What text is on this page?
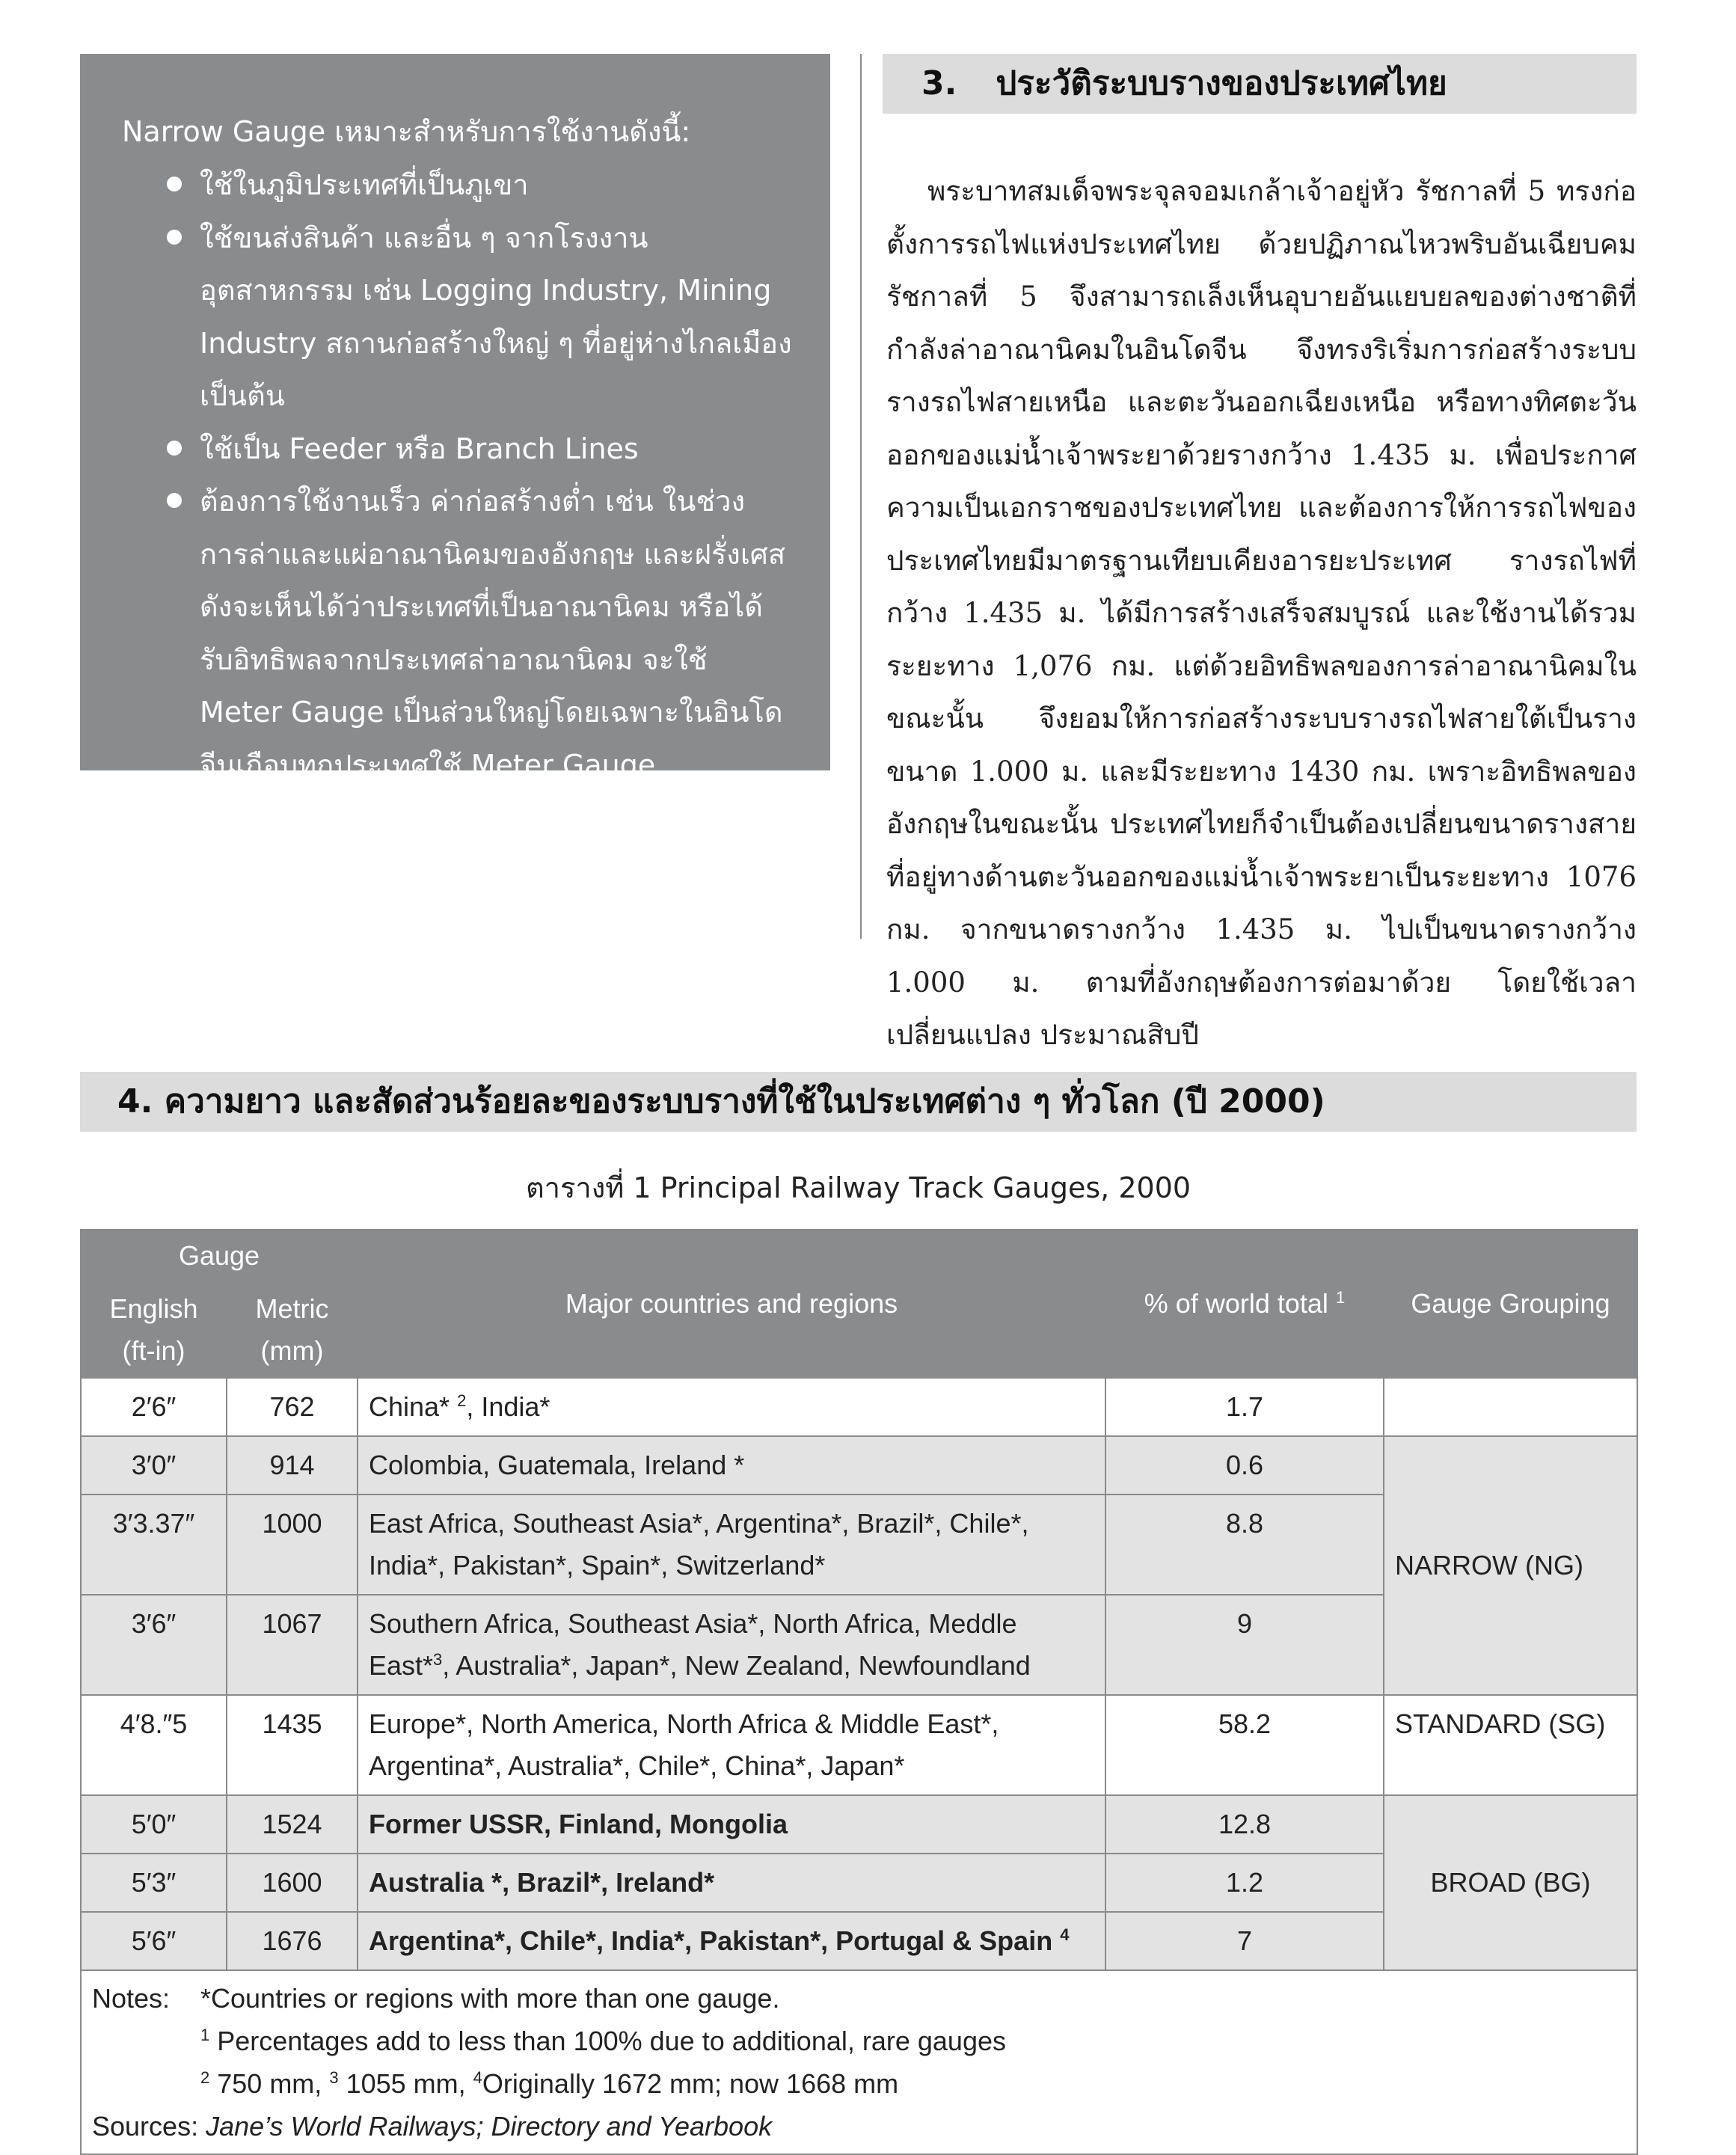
Narrow Gauge เหมาะสำหรับการใช้งานดังนี้:

ใช้ในภูมิประเทศที่เป็นภูเขา
ใช้ขนส่งสินค้า และอื่น ๆ จากโรงงานอุตสาหกรรม เช่น Logging Industry, Mining Industry สถานก่อสร้างใหญ่ ๆ ที่อยู่ห่างไกลเมือง เป็นต้น
ใช้เป็น Feeder หรือ Branch Lines
ต้องการใช้งานเร็ว ค่าก่อสร้างต่ำ เช่น ในช่วงการล่าและแผ่อาณานิคมของอังกฤษ และฝรั่งเศส ดังจะเห็นได้ว่าประเทศที่เป็นอาณานิคม หรือได้รับอิทธิพลจากประเทศล่าอาณานิคม จะใช้ Meter Gauge เป็นส่วนใหญ่โดยเฉพาะในอินโดจีนเกือบทุกประเทศใช้ Meter Gauge
3. ประวัติระบบรางของประเทศไทย

พระบาทสมเด็จพระจุลจอมเกล้าเจ้าอยู่หัว รัชกาลที่ 5 ทรงก่อตั้งการรถไฟแห่งประเทศไทย ด้วยปฏิภาณไหวพริบอันเฉียบคม รัชกาลที่ 5 จึงสามารถเล็งเห็นอุบายอันแยบยลของต่างชาติที่กำลังล่าอาณานิคมในอินโดจีน จึงทรงริเริ่มการก่อสร้างระบบรางรถไฟสายเหนือ และตะวันออกเฉียงเหนือ หรือทางทิศตะวันออกของแม่น้ำเจ้าพระยาด้วยรางกว้าง 1.435 ม. เพื่อประกาศความเป็นเอกราชของประเทศไทย และต้องการให้การรถไฟของประเทศไทยมีมาตรฐานเทียบเคียงอารยะประเทศ รางรถไฟที่กว้าง 1.435 ม. ได้มีการสร้างเสร็จสมบูรณ์ และใช้งานได้รวมระยะทาง 1,076 กม. แต่ด้วยอิทธิพลของการล่าอาณานิคมในขณะนั้น จึงยอมให้การก่อสร้างระบบรางรถไฟสายใต้เป็นราง ขนาด 1.000 ม. และมีระยะทาง 1430 กม. เพราะอิทธิพลของอังกฤษในขณะนั้น ประเทศไทยก็จำเป็นต้องเปลี่ยนขนาดรางสายที่อยู่ทางด้านตะวันออกของแม่น้ำเจ้าพระยาเป็นระยะทาง 1076 กม. จากขนาดรางกว้าง 1.435 ม. ไปเป็นขนาดรางกว้าง 1.000 ม. ตามที่อังกฤษต้องการต่อมาด้วย โดยใช้เวลาเปลี่ยนแปลง ประมาณสิบปี

4. ความยาว และสัดส่วนร้อยละของระบบรางที่ใช้ในประเทศต่าง ๆ ทั่วโลก (ปี 2000)
ตารางที่ 1 Principal Railway Track Gauges, 2000
Gauge		Major countries and regions	% of world total $^1$	Gauge Grouping
English (ft-in)	Metric (mm)			
2′6″	762	China* $^2$, India*	1.7	
3′0″	914	Colombia, Guatemala, Ireland *	0.6	NARROW (NG)
3′3.37″	1000	East Africa, Southeast Asia*, Argentina*, Brazil*, Chile*, India*, Pakistan*, Spain*, Switzerland*	8.8	
3′6″	1067	Southern Africa, Southeast Asia*, North Africa, Meddle East*$^3$, Australia*, Japan*, New Zealand, Newfoundland	9	
4′8.″5	1435	Europe*, North America, North Africa & Middle East*, Argentina*, Australia*, Chile*, China*, Japan*	58.2	STANDARD (SG)
5′0″	1524	Former USSR, Finland, Mongolia	12.8	BROAD (BG)
5′3″	1600	Australia *, Brazil*, Ireland*	1.2	
5′6″	1676	Argentina*, Chile*, India*, Pakistan*, Portugal & Spain $^4$	7	

Notes: *Countries or regions with more than one gauge.
$^1$ Percentages add to less than 100% due to additional, rare gauges
$^2$ 750 mm, $^3$ 1055 mm, $^4$Originally 1672 mm; now 1668 mm
Sources: Jane’s World Railways; Directory and Yearbook				
